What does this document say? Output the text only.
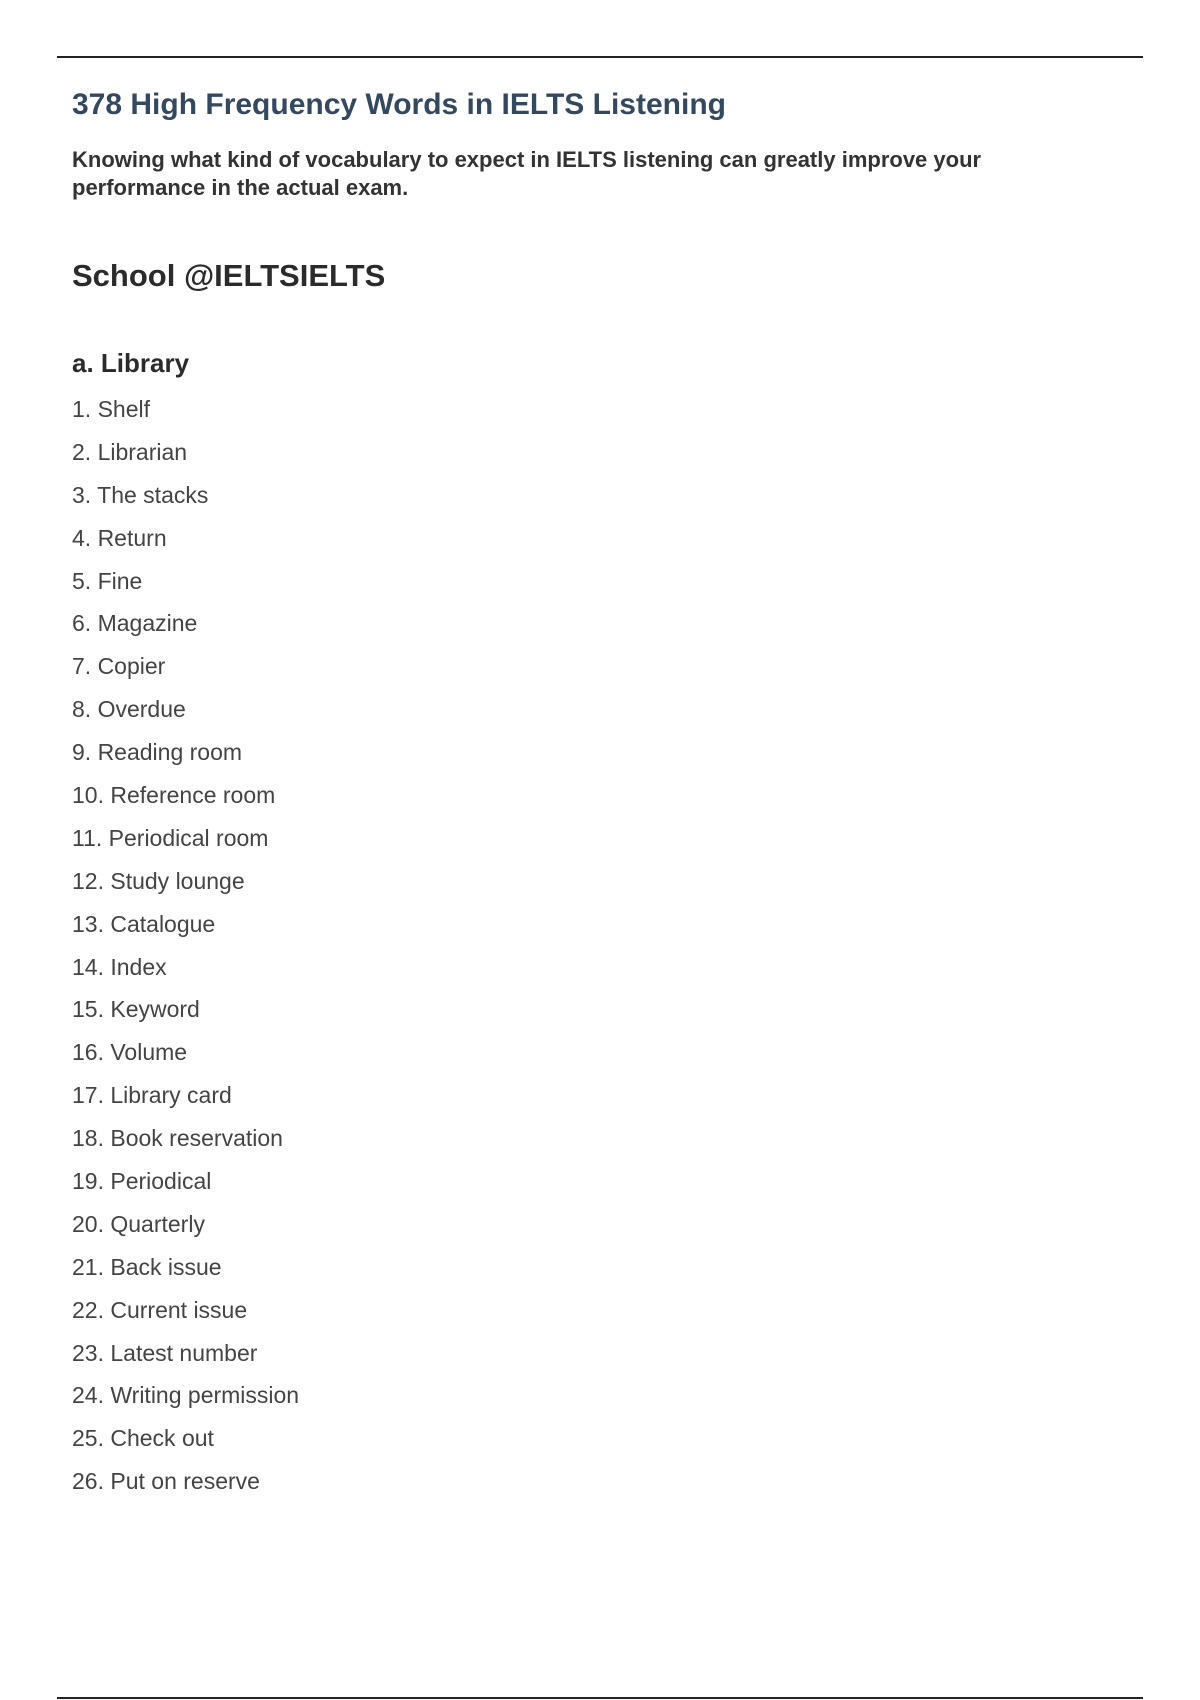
378 High Frequency Words in IELTS Listening

Knowing what kind of vocabulary to expect in IELTS listening can greatly improve your performance in the actual exam.

School @IELTSIELTS
a. Library
1. Shelf
2. Librarian
3. The stacks
4. Return
5. Fine
6. Magazine
7. Copier
8. Overdue
9. Reading room
10. Reference room
11. Periodical room
12. Study lounge
13. Catalogue
14. Index
15. Keyword
16. Volume
17. Library card
18. Book reservation
19. Periodical
20. Quarterly
21. Back issue
22. Current issue
23. Latest number
24. Writing permission
25. Check out
26. Put on reserve
